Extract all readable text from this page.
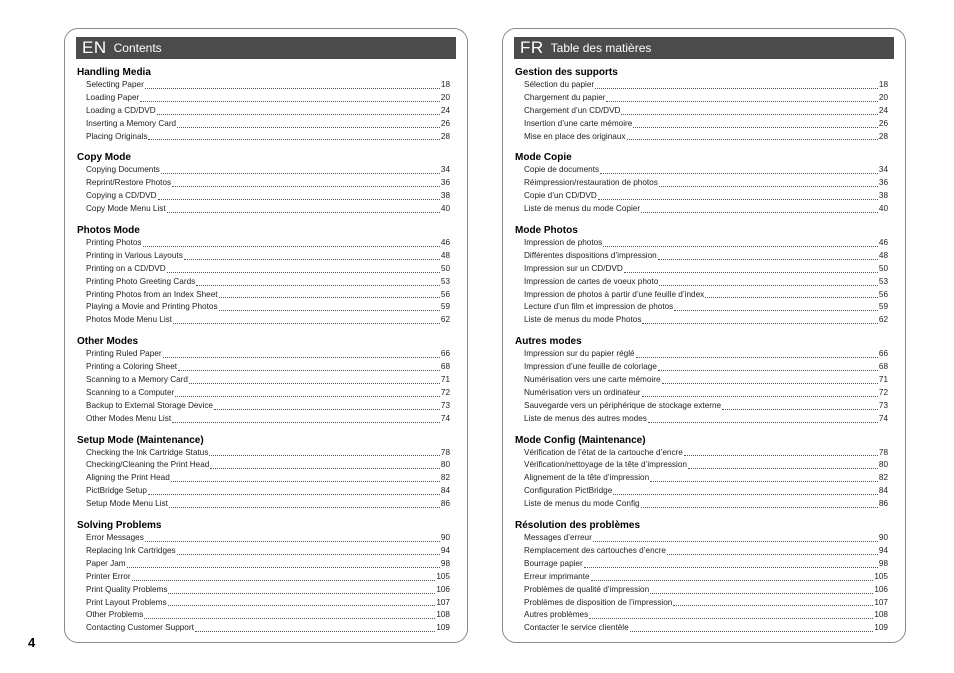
EN Contents
Handling Media
Selecting Paper	18
Loading Paper	20
Loading a CD/DVD	24
Inserting a Memory Card	26
Placing Originals	28
Copy Mode
Copying Documents	34
Reprint/Restore Photos	36
Copying a CD/DVD	38
Copy Mode Menu List	40
Photos Mode
Printing Photos	46
Printing in Various Layouts	48
Printing on a CD/DVD	50
Printing Photo Greeting Cards	53
Printing Photos from an Index Sheet	56
Playing a Movie and Printing Photos	59
Photos Mode Menu List	62
Other Modes
Printing Ruled Paper	66
Printing a Coloring Sheet	68
Scanning to a Memory Card	71
Scanning to a Computer	72
Backup to External Storage Device	73
Other Modes Menu List	74
Setup Mode (Maintenance)
Checking the Ink Cartridge Status	78
Checking/Cleaning the Print Head	80
Aligning the Print Head	82
PictBridge Setup	84
Setup Mode Menu List	86
Solving Problems
Error Messages	90
Replacing Ink Cartridges	94
Paper Jam	98
Printer Error	105
Print Quality Problems	106
Print Layout Problems	107
Other Problems	108
Contacting Customer Support	109
FR Table des matières
Gestion des supports
Sélection du papier	18
Chargement du papier	20
Chargement d’un CD/DVD	24
Insertion d’une carte mémoire	26
Mise en place des originaux	28
Mode Copie
Copie de documents	34
Réimpression/restauration de photos	36
Copie d’un CD/DVD	38
Liste de menus du mode Copier	40
Mode Photos
Impression de photos	46
Différentes dispositions d’impression	48
Impression sur un CD/DVD	50
Impression de cartes de voeux photo	53
Impression de photos à partir d’une feuille d’index	56
Lecture d’un film et impression de photos	59
Liste de menus du mode Photos	62
Autres modes
Impression sur du papier réglé	66
Impression d’une feuille de coloriage	68
Numérisation vers une carte mémoire	71
Numérisation vers un ordinateur	72
Sauvegarde vers un périphérique de stockage externe	73
Liste de menus des autres modes	74
Mode Config (Maintenance)
Vérification de l’état de la cartouche d’encre	78
Vérification/nettoyage de la tête d’impression	80
Alignement de la tête d’impression	82
Configuration PictBridge	84
Liste de menus du mode Config	86
Résolution des problèmes
Messages d’erreur	90
Remplacement des cartouches d’encre	94
Bourrage papier	98
Erreur imprimante	105
Problèmes de qualité d’impression	106
Problèmes de disposition de l’impression	107
Autres problèmes	108
Contacter le service clientèle	109
4
